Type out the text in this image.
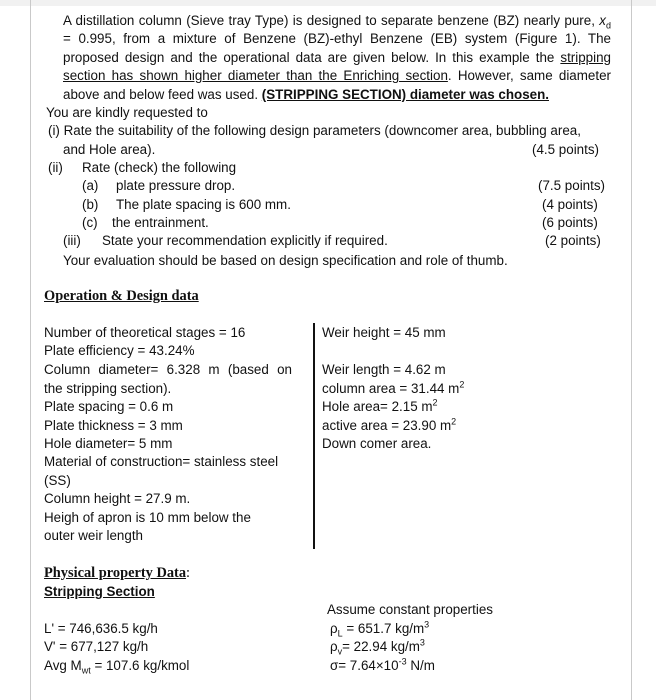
A distillation column (Sieve tray Type) is designed to separate benzene (BZ) nearly pure, $x_d = 0.995$, from a mixture of Benzene (BZ)-ethyl Benzene (EB) system (Figure 1). The proposed design and the operational data are given below. In this example the stripping section has shown higher diameter than the Enriching section. However, same diameter above and below feed was used. (STRIPPING SECTION) diameter was chosen.
You are kindly requested to
(i) Rate the suitability of the following design parameters (downcomer area, bubbling area,
and Hole area).	(4.5 points)
(ii) Rate (check) the following
(a) plate pressure drop.	(7.5 points)
(b) The plate spacing is 600 mm.	(4 points)
(c) the entrainment.	(6 points)
(iii) State your recommendation explicitly if required.	(2 points)
Your evaluation should be based on design specification and role of thumb.
Operation & Design data
Number of theoretical stages = 16
Plate efficiency = 43.24%
Column diameter= 6.328 m (based on
the stripping section).
Plate spacing = 0.6 m
Plate thickness = 3 mm
Hole diameter= 5 mm
Material of construction= stainless steel
(SS)
Column height = 27.9 m.
Heigh of apron is 10 mm below the
outer weir length
Weir height = 45 mm
Weir length = 4.62 m
column area = 31.44 $m^2$
Hole area= 2.15 $m^2$
active area = 23.90 $m^2$
Down comer area.
Physical property Data:
Stripping Section
L' = 746,636.5 kg/h
V' = 677,127 kg/h
Avg $M_{wt} = 107.6$ kg/kmol
Assume constant properties
$\rho_L = 651.7$ $kg/m^3$
$\rho_v= 22.94$ $kg/m^3$
$\sigma= 7.64\times 10^{-3}$ N/m
